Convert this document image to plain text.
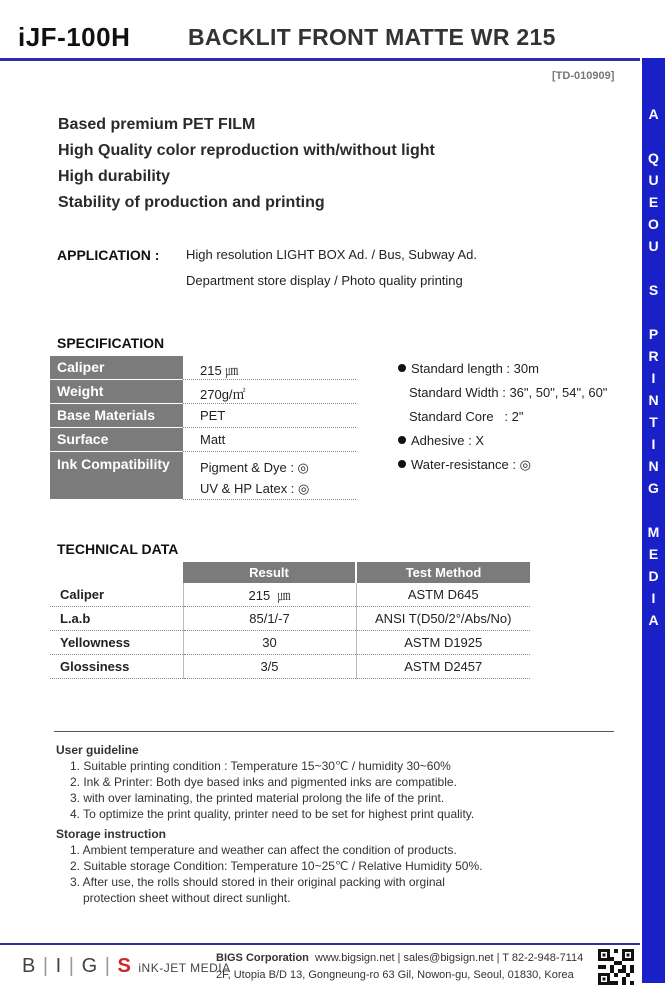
iJF-100H	BACKLIT FRONT MATTE WR 215
A
Q
U
E
O
U
S
P
R
I
N
T
I
N
G
M
E
D
I
A
[TD-010909]
Based premium PET FILM
High Quality color reproduction with/without light
High durability
Stability of production and printing
APPLICATION : High resolution LIGHT BOX Ad. / Bus, Subway Ad.
Department store display / Photo quality printing
SPECIFICATION
Caliper	215 ㎛
Weight	270g/㎡
Base Materials	PET
Surface	Matt
Ink Compatibility	Pigment & Dye : ◎
UV & HP Latex : ◎
Standard length : 30m
Standard Width : 36", 50", 54", 60"
Standard Core   : 2"
Adhesive : X
Water-resistance : ◎
TECHNICAL DATA
	Result	Test Method
Caliper	215  ㎛	ASTM D645
L.a.b	85/1/-7	ANSI T(D50/2°/Abs/No)
Yellowness	30	ASTM D1925
Glossiness	3/5	ASTM D2457
User guideline
1. Suitable printing condition : Temperature 15~30℃ / humidity 30~60%
2. Ink & Printer: Both dye based inks and pigmented inks are compatible.
3. with over laminating, the printed material prolong the life of the print.
4. To optimize the print quality, printer need to be set for highest print quality.
Storage instruction
1. Ambient temperature and weather can affect the condition of products.
2. Suitable storage Condition: Temperature 10~25℃ / Relative Humidity 50%.
3. After use, the rolls should stored in their original packing with orginal
protection sheet without direct sunlight.
B | I | G | S iNK-JET MEDIA
BIGS Corporation www.bigsign.net | sales@bigsign.net | T 82-2-948-7114
2F, Utopia B/D 13, Gongneung-ro 63 Gil, Nowon-gu, Seoul, 01830, Korea
